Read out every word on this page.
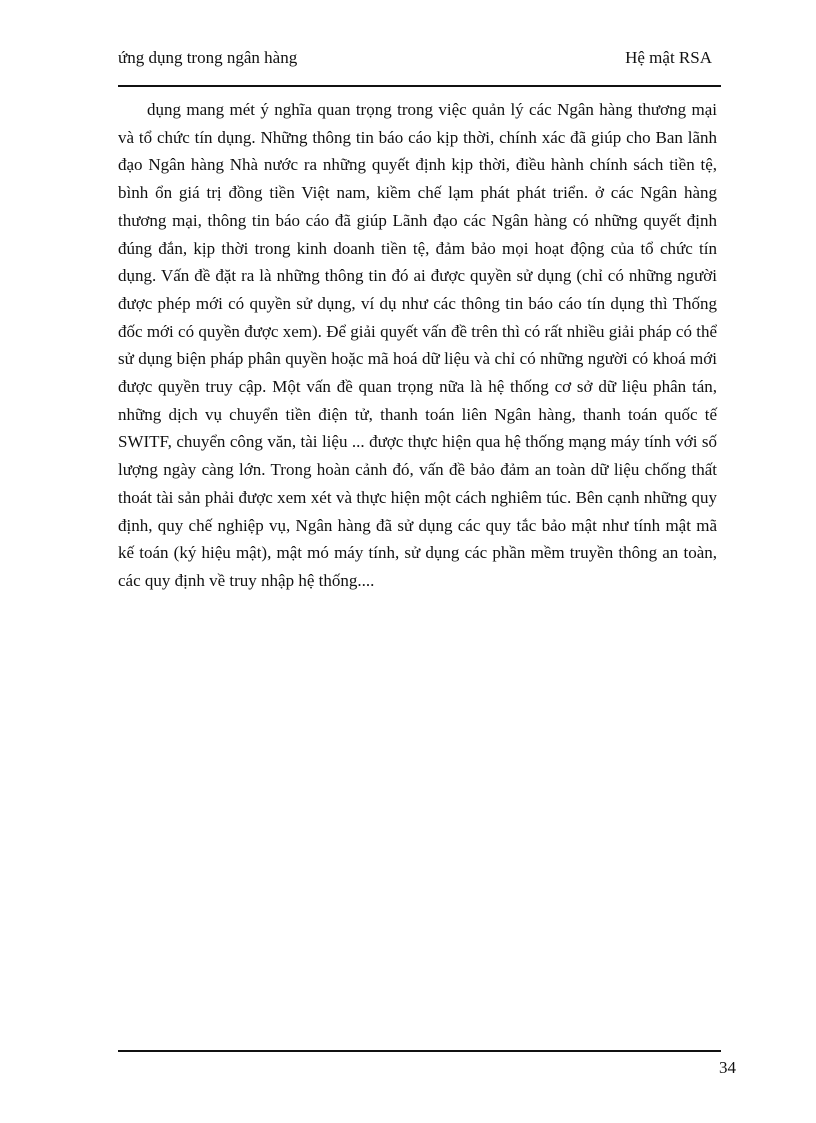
ứng dụng trong ngân hàng	Hệ mật RSA

dụng mang mét ý nghĩa quan trọng trong việc quản lý các Ngân hàng thương mại và tổ chức tín dụng. Những thông tin báo cáo kịp thời, chính xác đã giúp cho Ban lãnh đạo Ngân hàng Nhà nước ra những quyết định kịp thời, điều hành chính sách tiền tệ, bình ổn giá trị đồng tiền Việt nam, kiềm chế lạm phát phát triển. ở các Ngân hàng thương mại, thông tin báo cáo đã giúp Lãnh đạo các Ngân hàng có những quyết định đúng đắn, kịp thời trong kinh doanh tiền tệ, đảm bảo mọi hoạt động của tổ chức tín dụng. Vấn đề đặt ra là những thông tin đó ai được quyền sử dụng (chỉ có những người được phép mới có quyền sử dụng, ví dụ như các thông tin báo cáo tín dụng thì Thống đốc mới có quyền được xem). Để giải quyết vấn đề trên thì có rất nhiều giải pháp có thể sử dụng biện pháp phân quyền hoặc mã hoá dữ liệu và chỉ có những người có khoá mới được quyền truy cập. Một vấn đề quan trọng nữa là hệ thống cơ sở dữ liệu phân tán, những dịch vụ chuyển tiền điện tử, thanh toán liên Ngân hàng, thanh toán quốc tế SWITF, chuyển công văn, tài liệu ... được thực hiện qua hệ thống mạng máy tính với số lượng ngày càng lớn. Trong hoàn cảnh đó, vấn đề bảo đảm an toàn dữ liệu chống thất thoát tài sản phải được xem xét và thực hiện một cách nghiêm túc. Bên cạnh những quy định, quy chế nghiệp vụ, Ngân hàng đã sử dụng các quy tắc bảo mật như tính mật mã kế toán (ký hiệu mật), mật mó máy tính, sử dụng các phần mềm truyền thông an toàn, các quy định về truy nhập hệ thống....

34
